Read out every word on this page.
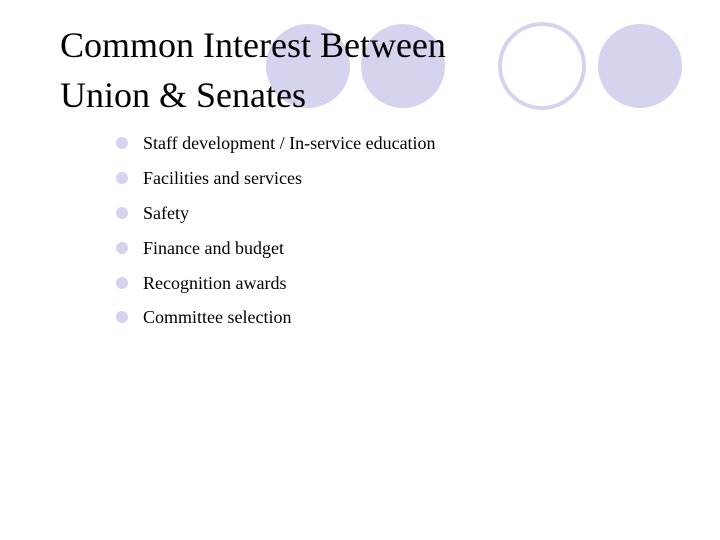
Common Interest Between
Union & Senates
Staff development / In-service education
Facilities and services
Safety
Finance and budget
Recognition awards
Committee selection
